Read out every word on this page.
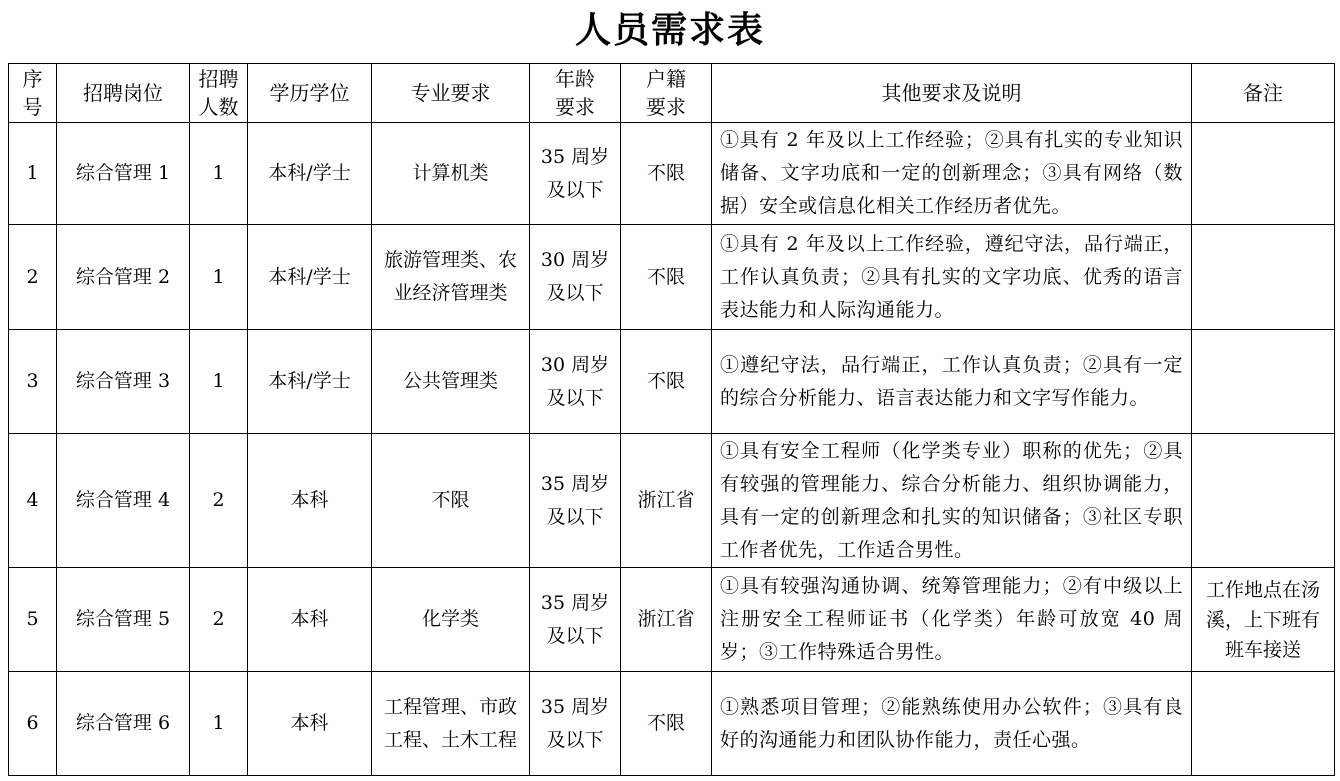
人员需求表
序号	招聘岗位	招聘人数	学历学位	专业要求	年龄要求	户籍要求	其他要求及说明	备注
1	综合管理 1	1	本科/学士	计算机类	35 周岁及以下	不限	①具有 2 年及以上工作经验；②具有扎实的专业知识储备、文字功底和一定的创新理念；③具有网络（数据）安全或信息化相关工作经历者优先。	
2	综合管理 2	1	本科/学士	旅游管理类、农业经济管理类	30 周岁及以下	不限	①具有 2 年及以上工作经验，遵纪守法，品行端正，工作认真负责；②具有扎实的文字功底、优秀的语言表达能力和人际沟通能力。	
3	综合管理 3	1	本科/学士	公共管理类	30 周岁及以下	不限	①遵纪守法，品行端正，工作认真负责；②具有一定的综合分析能力、语言表达能力和文字写作能力。	
4	综合管理 4	2	本科	不限	35 周岁及以下	浙江省	①具有安全工程师（化学类专业）职称的优先；②具有较强的管理能力、综合分析能力、组织协调能力，具有一定的创新理念和扎实的知识储备；③社区专职工作者优先，工作适合男性。	
5	综合管理 5	2	本科	化学类	35 周岁及以下	浙江省	①具有较强沟通协调、统筹管理能力；②有中级以上注册安全工程师证书（化学类）年龄可放宽 40 周岁；③工作特殊适合男性。	工作地点在汤溪，上下班有班车接送
6	综合管理 6	1	本科	工程管理、市政工程、土木工程	35 周岁及以下	不限	①熟悉项目管理；②能熟练使用办公软件；③具有良好的沟通能力和团队协作能力，责任心强。	
